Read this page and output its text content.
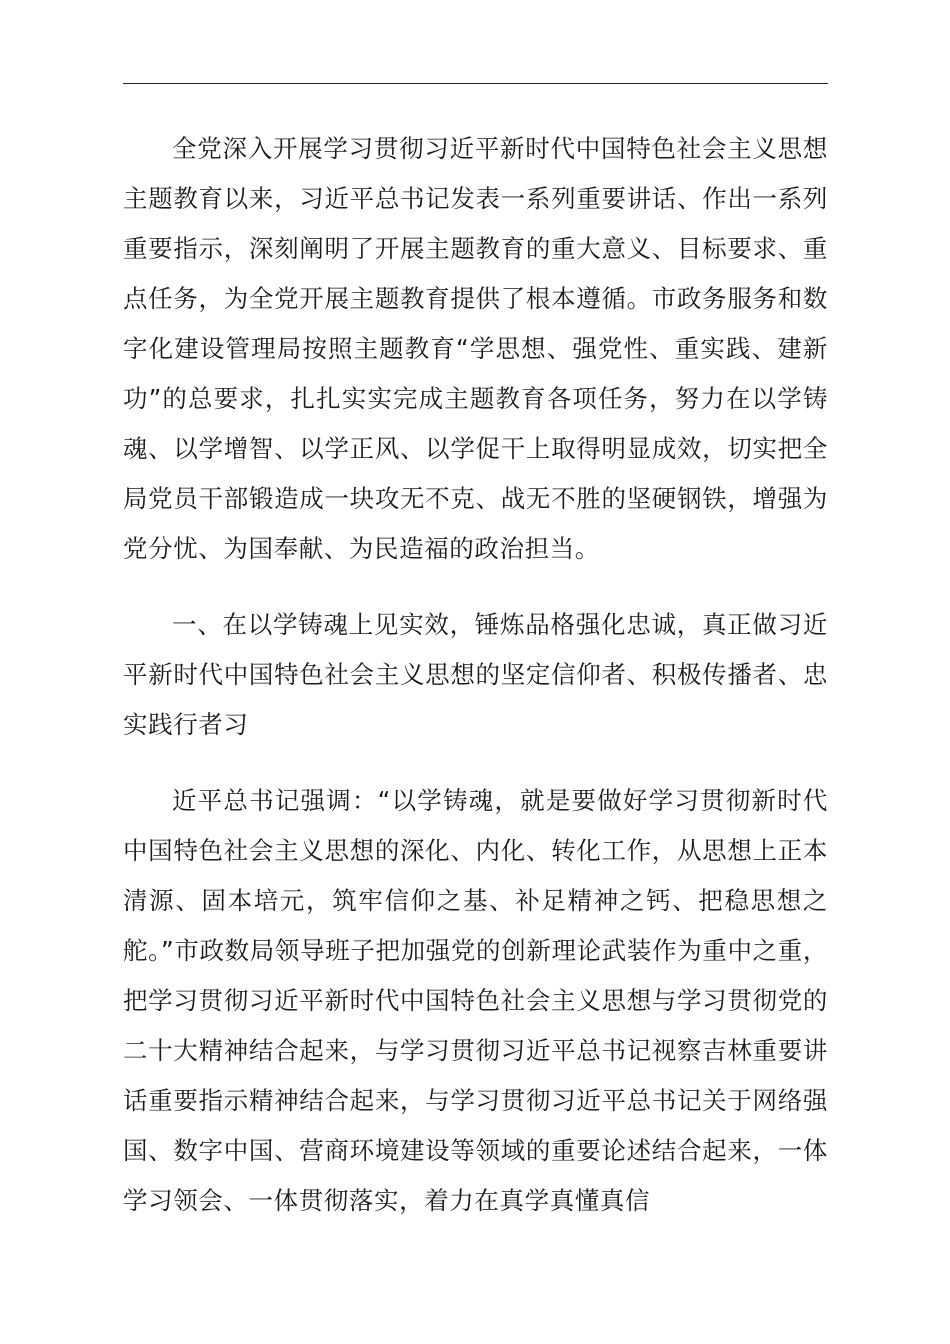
全党深入开展学习贯彻习近平新时代中国特色社会主义思想主题教育以来，习近平总书记发表一系列重要讲话、作出一系列重要指示，深刻阐明了开展主题教育的重大意义、目标要求、重点任务，为全党开展主题教育提供了根本遵循。市政务服务和数字化建设管理局按照主题教育“学思想、强党性、重实践、建新功”的总要求，扎扎实实完成主题教育各项任务，努力在以学铸魂、以学增智、以学正风、以学促干上取得明显成效，切实把全局党员干部锻造成一块攻无不克、战无不胜的坚硬钢铁，增强为党分忧、为国奉献、为民造福的政治担当。

一、在以学铸魂上见实效，锤炼品格强化忠诚，真正做习近平新时代中国特色社会主义思想的坚定信仰者、积极传播者、忠实践行者习

近平总书记强调：“以学铸魂，就是要做好学习贯彻新时代中国特色社会主义思想的深化、内化、转化工作，从思想上正本清源、固本培元，筑牢信仰之基、补足精神之钙、把稳思想之舵。”市政数局领导班子把加强党的创新理论武装作为重中之重，把学习贯彻习近平新时代中国特色社会主义思想与学习贯彻党的二十大精神结合起来，与学习贯彻习近平总书记视察吉林重要讲话重要指示精神结合起来，与学习贯彻习近平总书记关于网络强国、数字中国、营商环境建设等领域的重要论述结合起来，一体学习领会、一体贯彻落实，着力在真学真懂真信
